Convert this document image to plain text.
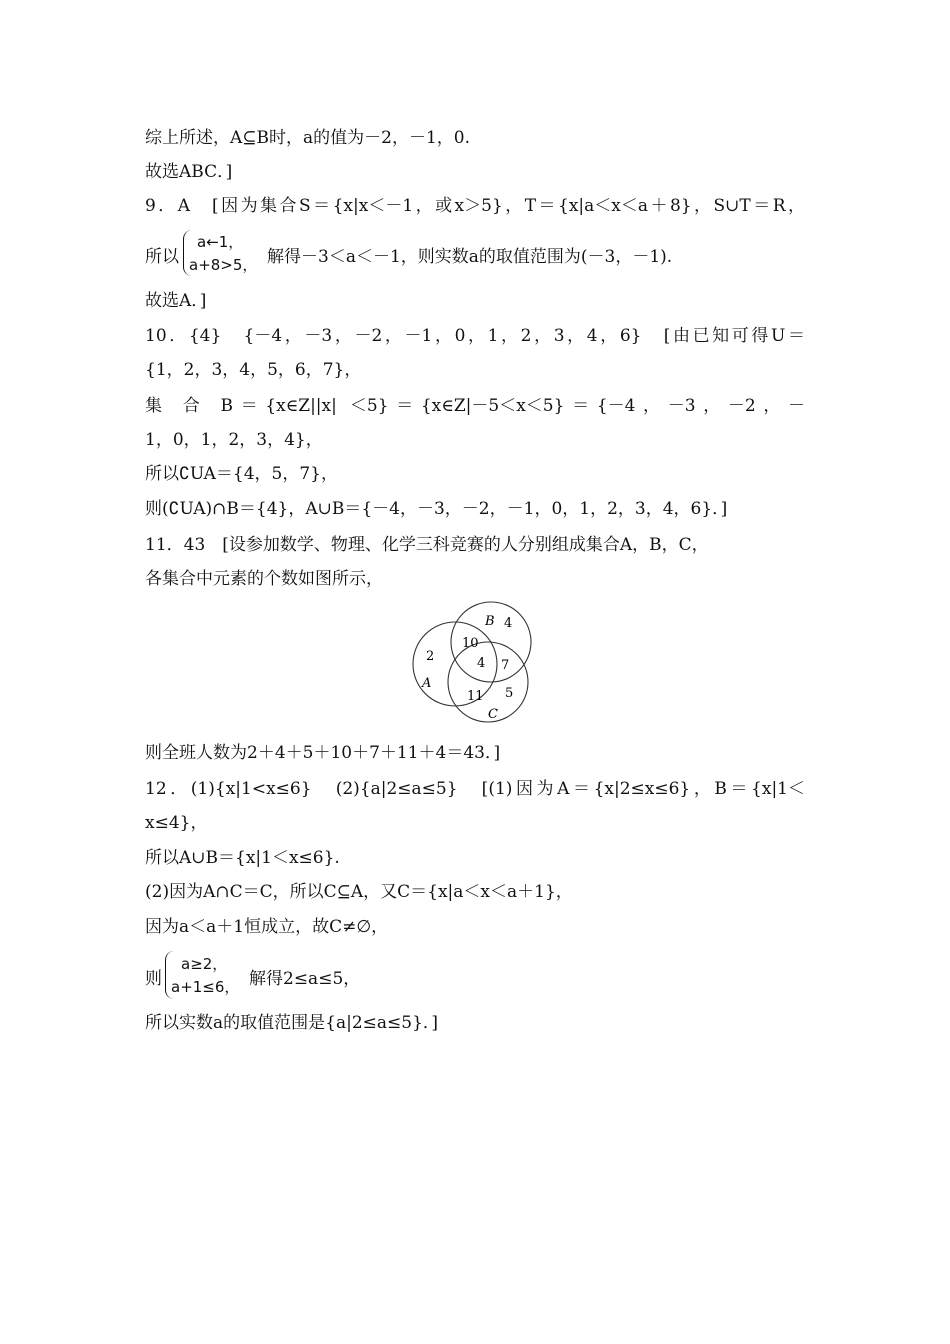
综上所述，A⊆B时，a的值为－2，－1，0.
故选ABC．]
9．A　[因为集合S＝{x|x＜－1，或x＞5}，T＝{x|a＜x＜a＋8}，S∪T＝R，
所以
a←1，
a+8>5， 解得－3＜a＜－1，则实数a的取值范围为(－3，－1).
故选A．]
10．{4}　{－4，－3，－2，－1，0，1，2，3，4，6}　[由已知可得U＝
{1，2，3，4，5，6，7}，
集 合 B＝{x∈Z||x| ＜5}＝{x∈Z|－5＜x＜5}＝{－4，－3，－2，－
1，0，1，2，3，4}，
所以∁UA＝{4，5，7}，
则(∁UA)∩B＝{4}，A∪B＝{－4，－3，－2，－1，0，1，2，3，4，6}．]
11．43　[设参加数学、物理、化学三科竞赛的人分别组成集合A，B，C，
各集合中元素的个数如图所示，
B 4
10
2	4 7
A
11 5
C
则全班人数为2＋4＋5＋10＋7＋11＋4＝43．]
12．(1){x|1<x≤6}　(2){a|2≤a≤5}　[(1)因为A＝{x|2≤x≤6}，B＝{x|1＜
x≤4}，
所以A∪B＝{x|1＜x≤6}.
(2)因为A∩C＝C，所以C⊆A，又C＝{x|a＜x＜a＋1}，
因为a＜a＋1恒成立，故C≠∅，
则
a≥2，
a+1≤6， 解得2≤a≤5，
所以实数a的取值范围是{a|2≤a≤5}．]
